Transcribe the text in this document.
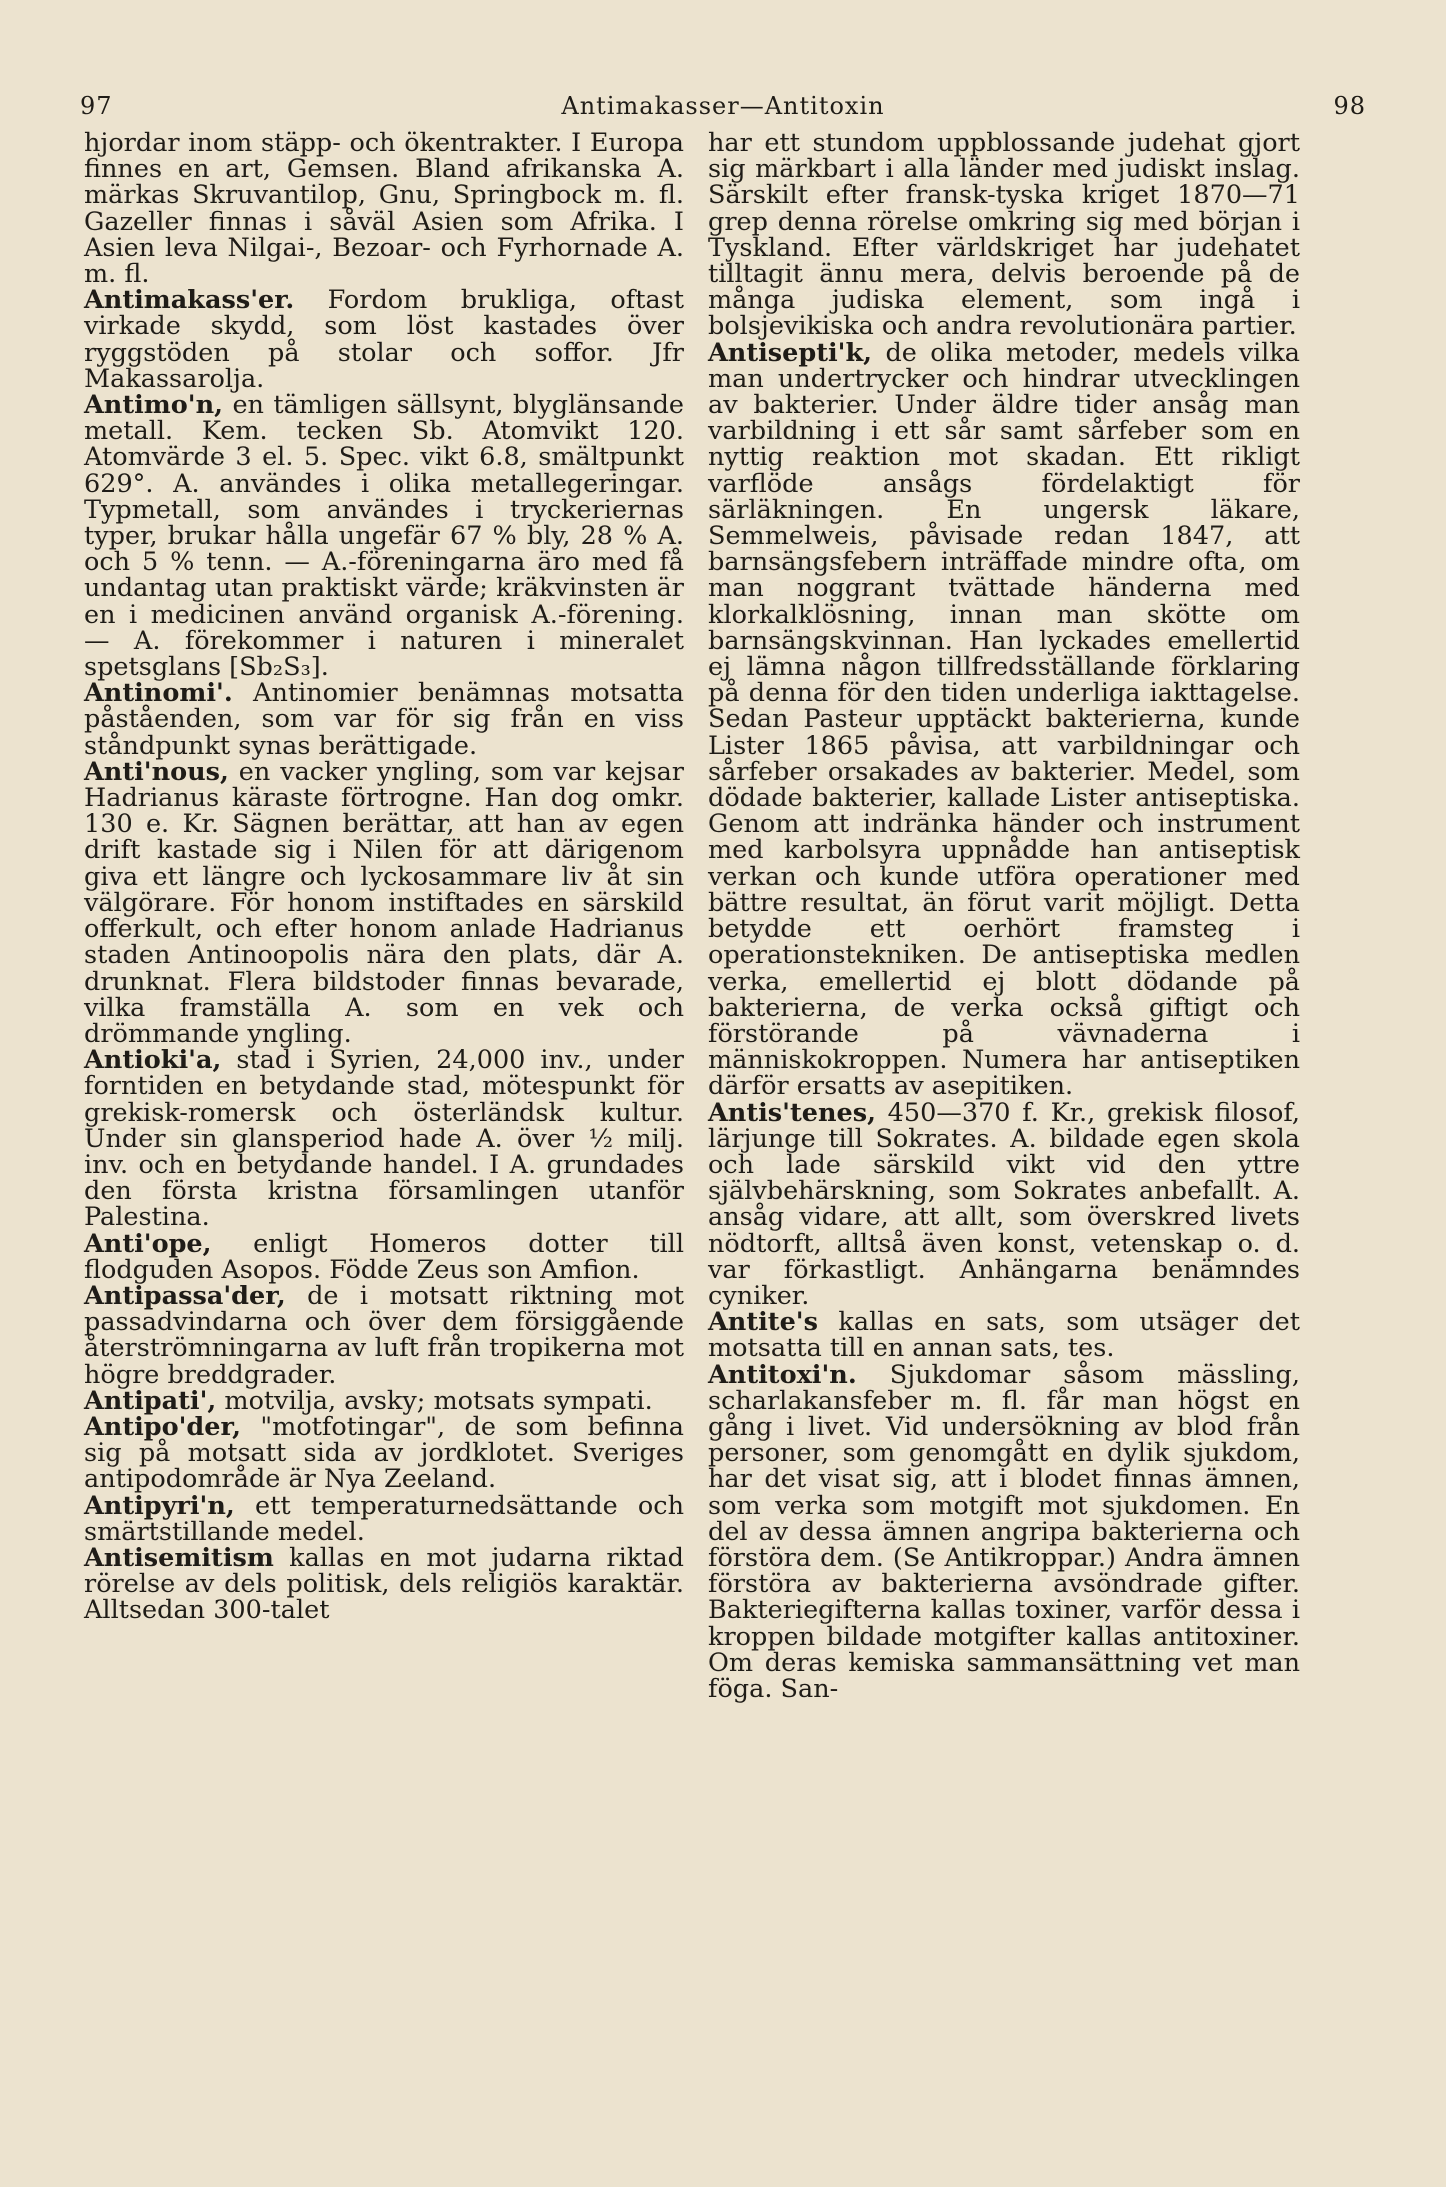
97	Antimakasser—Antitoxin	98

hjordar inom stäpp- och ökentrakter. I Europa finnes en art, Gemsen. Bland afrikanska A. märkas Skruvantilop, Gnu, Springbock m. fl. Gazeller finnas i såväl Asien som Afrika. I Asien leva Nilgai-, Bezoar- och Fyrhornade A. m. fl.

Antimakass'er. Fordom brukliga, oftast virkade skydd, som löst kastades över ryggstöden på stolar och soffor. Jfr Makassarolja.

Antimo'n, en tämligen sällsynt, blyglänsande metall. Kem. tecken Sb. Atomvikt 120. Atomvärde 3 el. 5. Spec. vikt 6.8, smältpunkt 629°. A. användes i olika metallegeringar. Typmetall, som användes i tryckeriernas typer, brukar hålla ungefär 67 % bly, 28 % A. och 5 % tenn. — A.-föreningarna äro med få undantag utan praktiskt värde; kräkvinsten är en i medicinen använd organisk A.-förening. — A. förekommer i naturen i mineralet spetsglans [Sb₂S₃].

Antinomi'. Antinomier benämnas motsatta påståenden, som var för sig från en viss ståndpunkt synas berättigade.

Anti'nous, en vacker yngling, som var kejsar Hadrianus käraste förtrogne. Han dog omkr. 130 e. Kr. Sägnen berättar, att han av egen drift kastade sig i Nilen för att därigenom giva ett längre och lyckosammare liv åt sin välgörare. För honom instiftades en särskild offerkult, och efter honom anlade Hadrianus staden Antinoopolis nära den plats, där A. drunknat. Flera bildstoder finnas bevarade, vilka framställa A. som en vek och drömmande yngling.

Antioki'a, stad i Syrien, 24,000 inv., under forntiden en betydande stad, mötespunkt för grekisk-romersk och österländsk kultur. Under sin glansperiod hade A. över ½ milj. inv. och en betydande handel. I A. grundades den första kristna församlingen utanför Palestina.

Anti'ope, enligt Homeros dotter till flodguden Asopos. Födde Zeus son Amfion.

Antipassa'der, de i motsatt riktning mot passadvindarna och över dem försiggående återströmningarna av luft från tropikerna mot högre breddgrader.

Antipati', motvilja, avsky; motsats sympati.

Antipo'der, "motfotingar", de som befinna sig på motsatt sida av jordklotet. Sveriges antipodområde är Nya Zeeland.

Antipyri'n, ett temperaturnedsättande och smärtstillande medel.

Antisemitism kallas en mot judarna riktad rörelse av dels politisk, dels religiös karaktär. Alltsedan 300-talet

har ett stundom uppblossande judehat gjort sig märkbart i alla länder med judiskt inslag. Särskilt efter fransk-tyska kriget 1870—71 grep denna rörelse omkring sig med början i Tyskland. Efter världskriget har judehatet tilltagit ännu mera, delvis beroende på de många judiska element, som ingå i bolsjevikiska och andra revolutionära partier.

Antisepti'k, de olika metoder, medels vilka man undertrycker och hindrar utvecklingen av bakterier. Under äldre tider ansåg man varbildning i ett sår samt sårfeber som en nyttig reaktion mot skadan. Ett rikligt varflöde ansågs fördelaktigt för särläkningen. En ungersk läkare, Semmelweis, påvisade redan 1847, att barnsängsfebern inträffade mindre ofta, om man noggrant tvättade händerna med klorkalklösning, innan man skötte om barnsängskvinnan. Han lyckades emellertid ej lämna någon tillfredsställande förklaring på denna för den tiden underliga iakttagelse. Sedan Pasteur upptäckt bakterierna, kunde Lister 1865 påvisa, att varbildningar och sårfeber orsakades av bakterier. Medel, som dödade bakterier, kallade Lister antiseptiska. Genom att indränka händer och instrument med karbolsyra uppnådde han antiseptisk verkan och kunde utföra operationer med bättre resultat, än förut varit möjligt. Detta betydde ett oerhört framsteg i operationstekniken. De antiseptiska medlen verka, emellertid ej blott dödande på bakterierna, de verka också giftigt och förstörande på vävnaderna i människokroppen. Numera har antiseptiken därför ersatts av asepitiken.

Antis'tenes, 450—370 f. Kr., grekisk filosof, lärjunge till Sokrates. A. bildade egen skola och lade särskild vikt vid den yttre självbehärskning, som Sokrates anbefallt. A. ansåg vidare, att allt, som överskred livets nödtorft, alltså även konst, vetenskap o. d. var förkastligt. Anhängarna benämndes cyniker.

Antite's kallas en sats, som utsäger det motsatta till en annan sats, tes.

Antitoxi'n. Sjukdomar såsom mässling, scharlakansfeber m. fl. får man högst en gång i livet. Vid undersökning av blod från personer, som genomgått en dylik sjukdom, har det visat sig, att i blodet finnas ämnen, som verka som motgift mot sjukdomen. En del av dessa ämnen angripa bakterierna och förstöra dem. (Se Antikroppar.) Andra ämnen förstöra av bakterierna avsöndrade gifter. Bakteriegifterna kallas toxiner, varför dessa i kroppen bildade motgifter kallas antitoxiner. Om deras kemiska sammansättning vet man föga. San-
